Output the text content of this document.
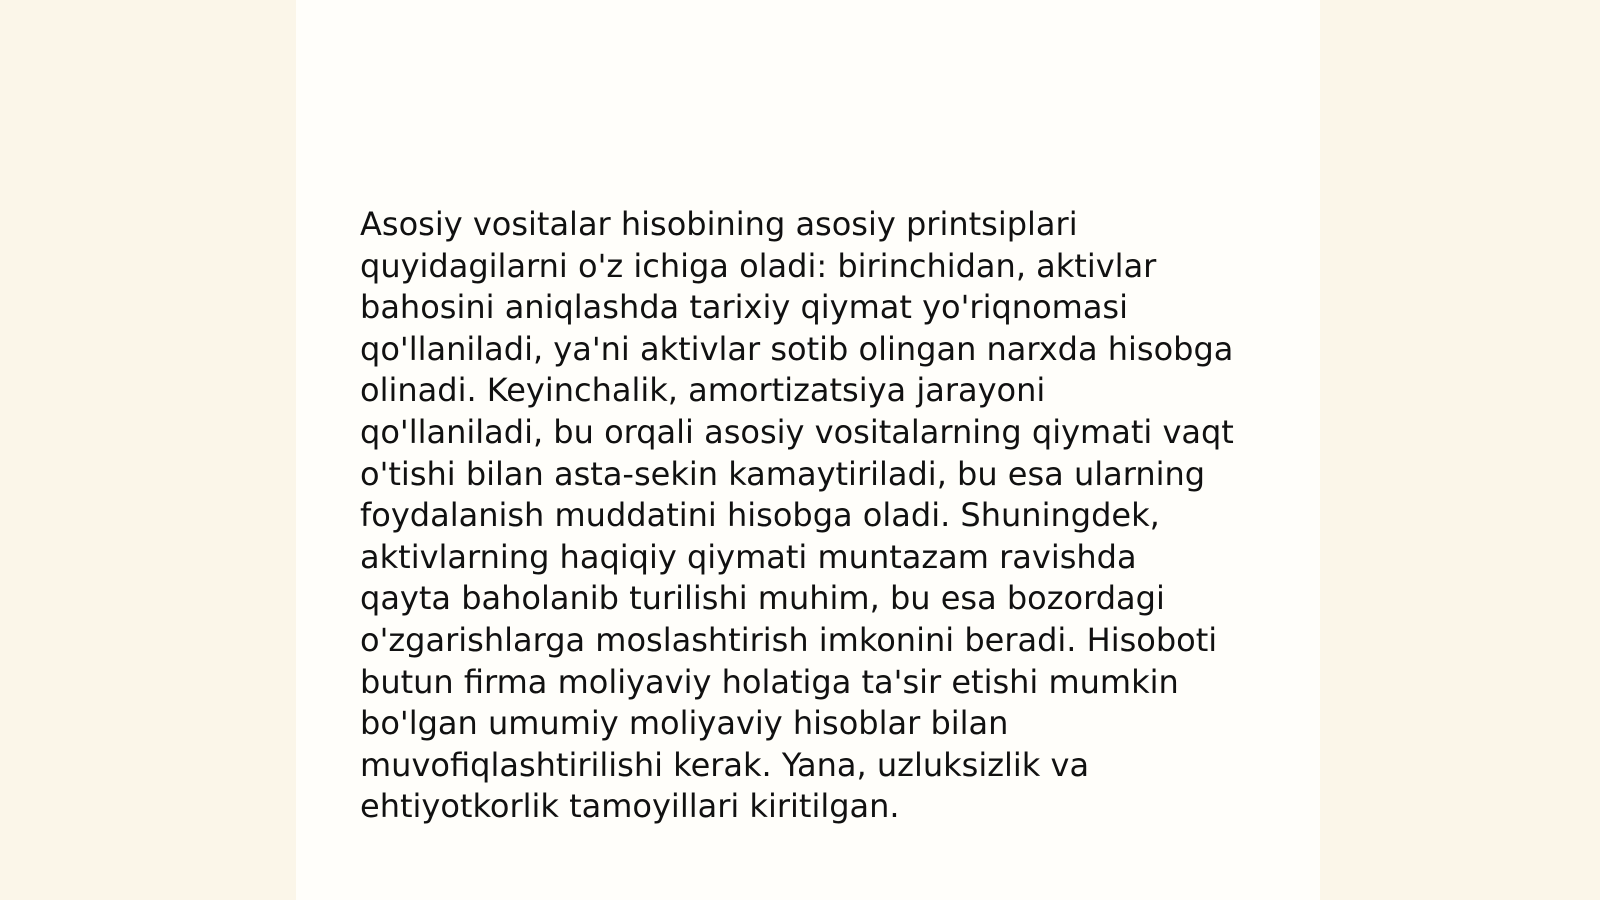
Asosiy vositalar hisobining asosiy printsiplari
quyidagilarni o'z ichiga oladi: birinchidan, aktivlar
bahosini aniqlashda tarixiy qiymat yo'riqnomasi
qo'llaniladi, ya'ni aktivlar sotib olingan narxda hisobga
olinadi. Keyinchalik, amortizatsiya jarayoni
qo'llaniladi, bu orqali asosiy vositalarning qiymati vaqt
o'tishi bilan asta-sekin kamaytiriladi, bu esa ularning
foydalanish muddatini hisobga oladi. Shuningdek,
aktivlarning haqiqiy qiymati muntazam ravishda
qayta baholanib turilishi muhim, bu esa bozordagi
o'zgarishlarga moslashtirish imkonini beradi. Hisoboti
butun firma moliyaviy holatiga ta'sir etishi mumkin
bo'lgan umumiy moliyaviy hisoblar bilan
muvofiqlashtirilishi kerak. Yana, uzluksizlik va
ehtiyotkorlik tamoyillari kiritilgan.
